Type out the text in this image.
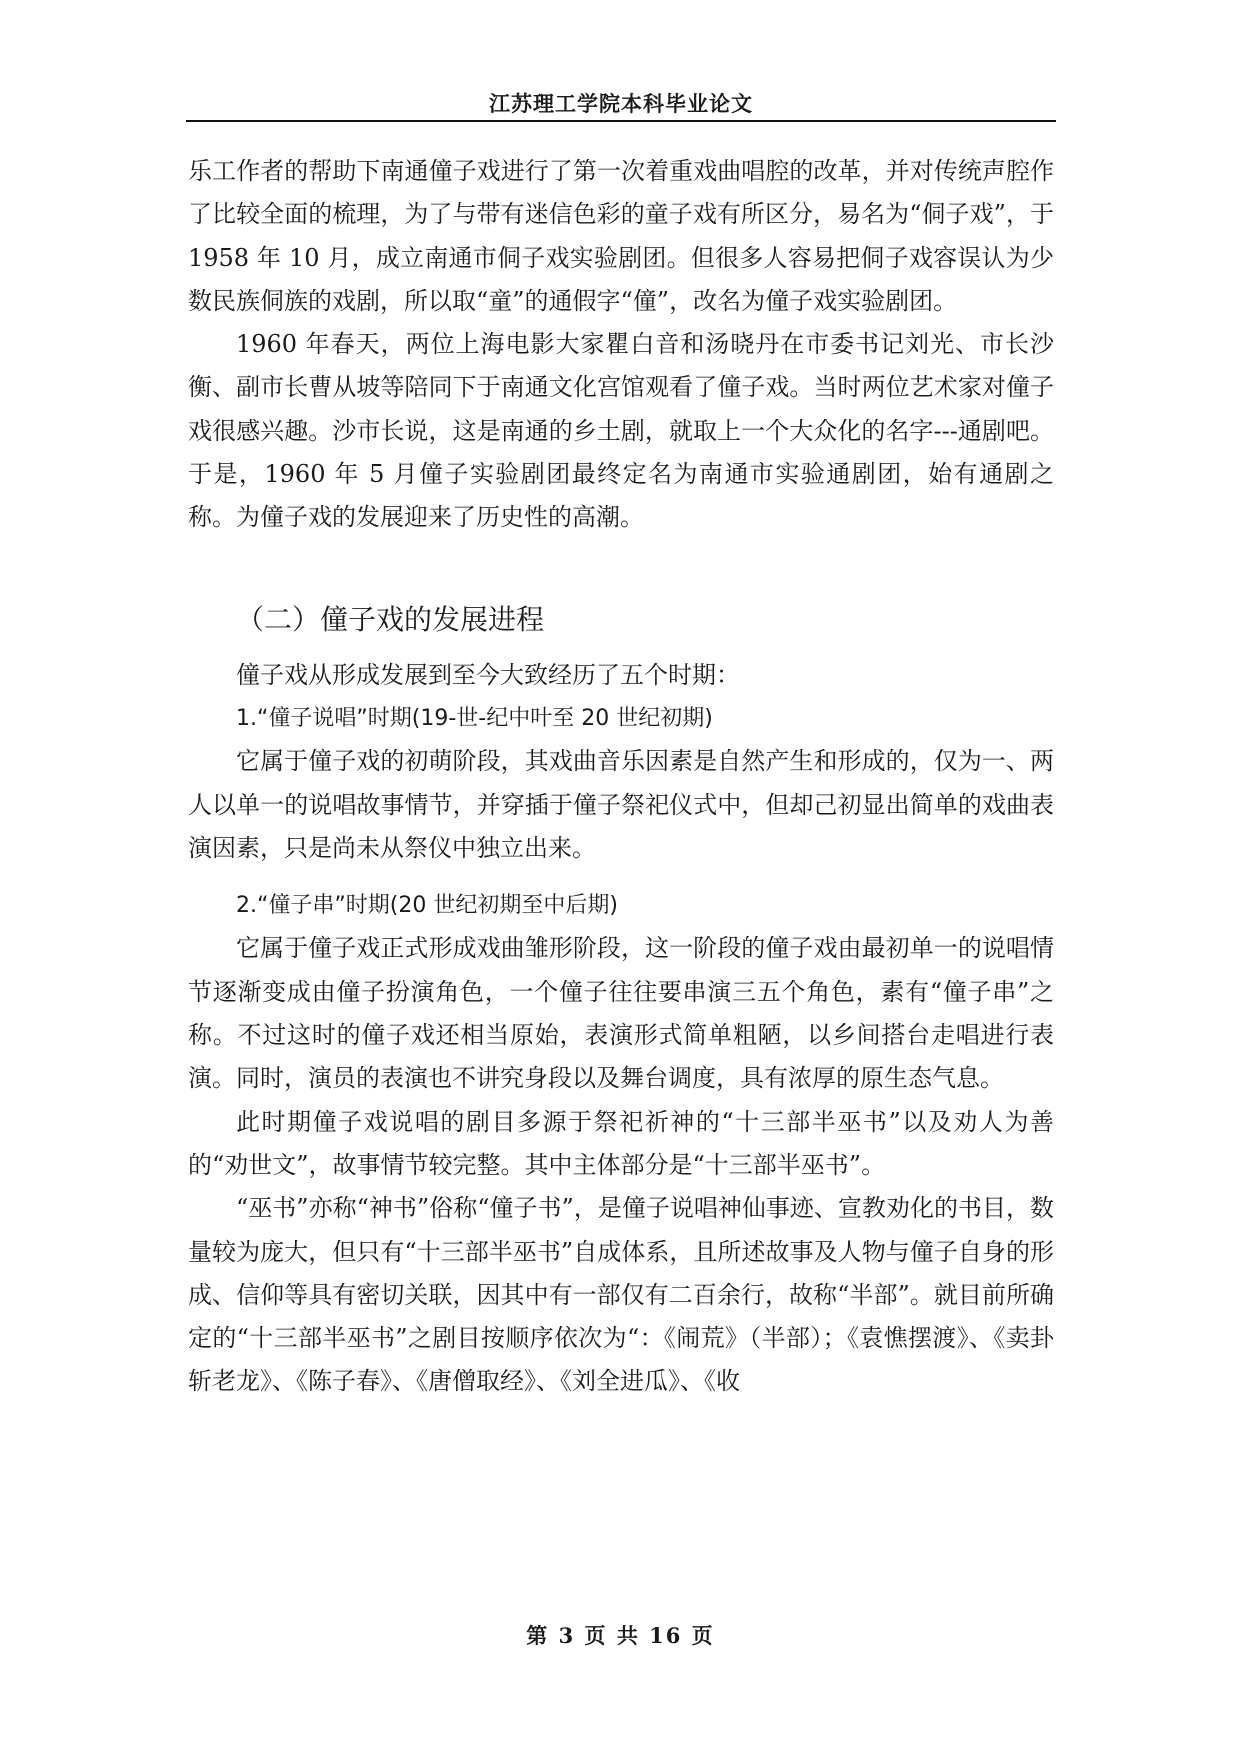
江苏理工学院本科毕业论文

乐工作者的帮助下南通僮子戏进行了第一次着重戏曲唱腔的改革，并对传统声腔作了比较全面的梳理，为了与带有迷信色彩的童子戏有所区分，易名为“侗子戏”，于 1958 年 10 月，成立南通市侗子戏实验剧团。但很多人容易把侗子戏容误认为少数民族侗族的戏剧，所以取“童”的通假字“僮”，改名为僮子戏实验剧团。

1960 年春天，两位上海电影大家瞿白音和汤晓丹在市委书记刘光、市长沙衡、副市长曹从坡等陪同下于南通文化宫馆观看了僮子戏。当时两位艺术家对僮子戏很感兴趣。沙市长说，这是南通的乡土剧，就取上一个大众化的名字---通剧吧。于是，1960 年 5 月僮子实验剧团最终定名为南通市实验通剧团，始有通剧之称。为僮子戏的发展迎来了历史性的高潮。

（二）僮子戏的发展进程

僮子戏从形成发展到至今大致经历了五个时期：

1.“僮子说唱”时期(19-世-纪中叶至 20 世纪初期)

它属于僮子戏的初萌阶段，其戏曲音乐因素是自然产生和形成的，仅为一、两人以单一的说唱故事情节，并穿插于僮子祭祀仪式中，但却己初显出简单的戏曲表演因素，只是尚未从祭仪中独立出来。

2.“僮子串”时期(20 世纪初期至中后期)

它属于僮子戏正式形成戏曲雏形阶段，这一阶段的僮子戏由最初单一的说唱情节逐渐变成由僮子扮演角色，一个僮子往往要串演三五个角色，素有“僮子串”之称。不过这时的僮子戏还相当原始，表演形式简单粗陋，以乡间搭台走唱进行表演。同时，演员的表演也不讲究身段以及舞台调度，具有浓厚的原生态气息。

此时期僮子戏说唱的剧目多源于祭祀祈神的“十三部半巫书”以及劝人为善的“劝世文”，故事情节较完整。其中主体部分是“十三部半巫书”。

“巫书”亦称“神书”俗称“僮子书”，是僮子说唱神仙事迹、宣教劝化的书目，数量较为庞大，但只有“十三部半巫书”自成体系，且所述故事及人物与僮子自身的形成、信仰等具有密切关联，因其中有一部仅有二百余行，故称“半部”。就目前所确定的“十三部半巫书”之剧目按顺序依次为“：《闹荒》（半部）；《袁憔摆渡》、《卖卦斩老龙》、《陈子春》、《唐僧取经》、《刘全进瓜》、《收

第 3 页 共 16 页
